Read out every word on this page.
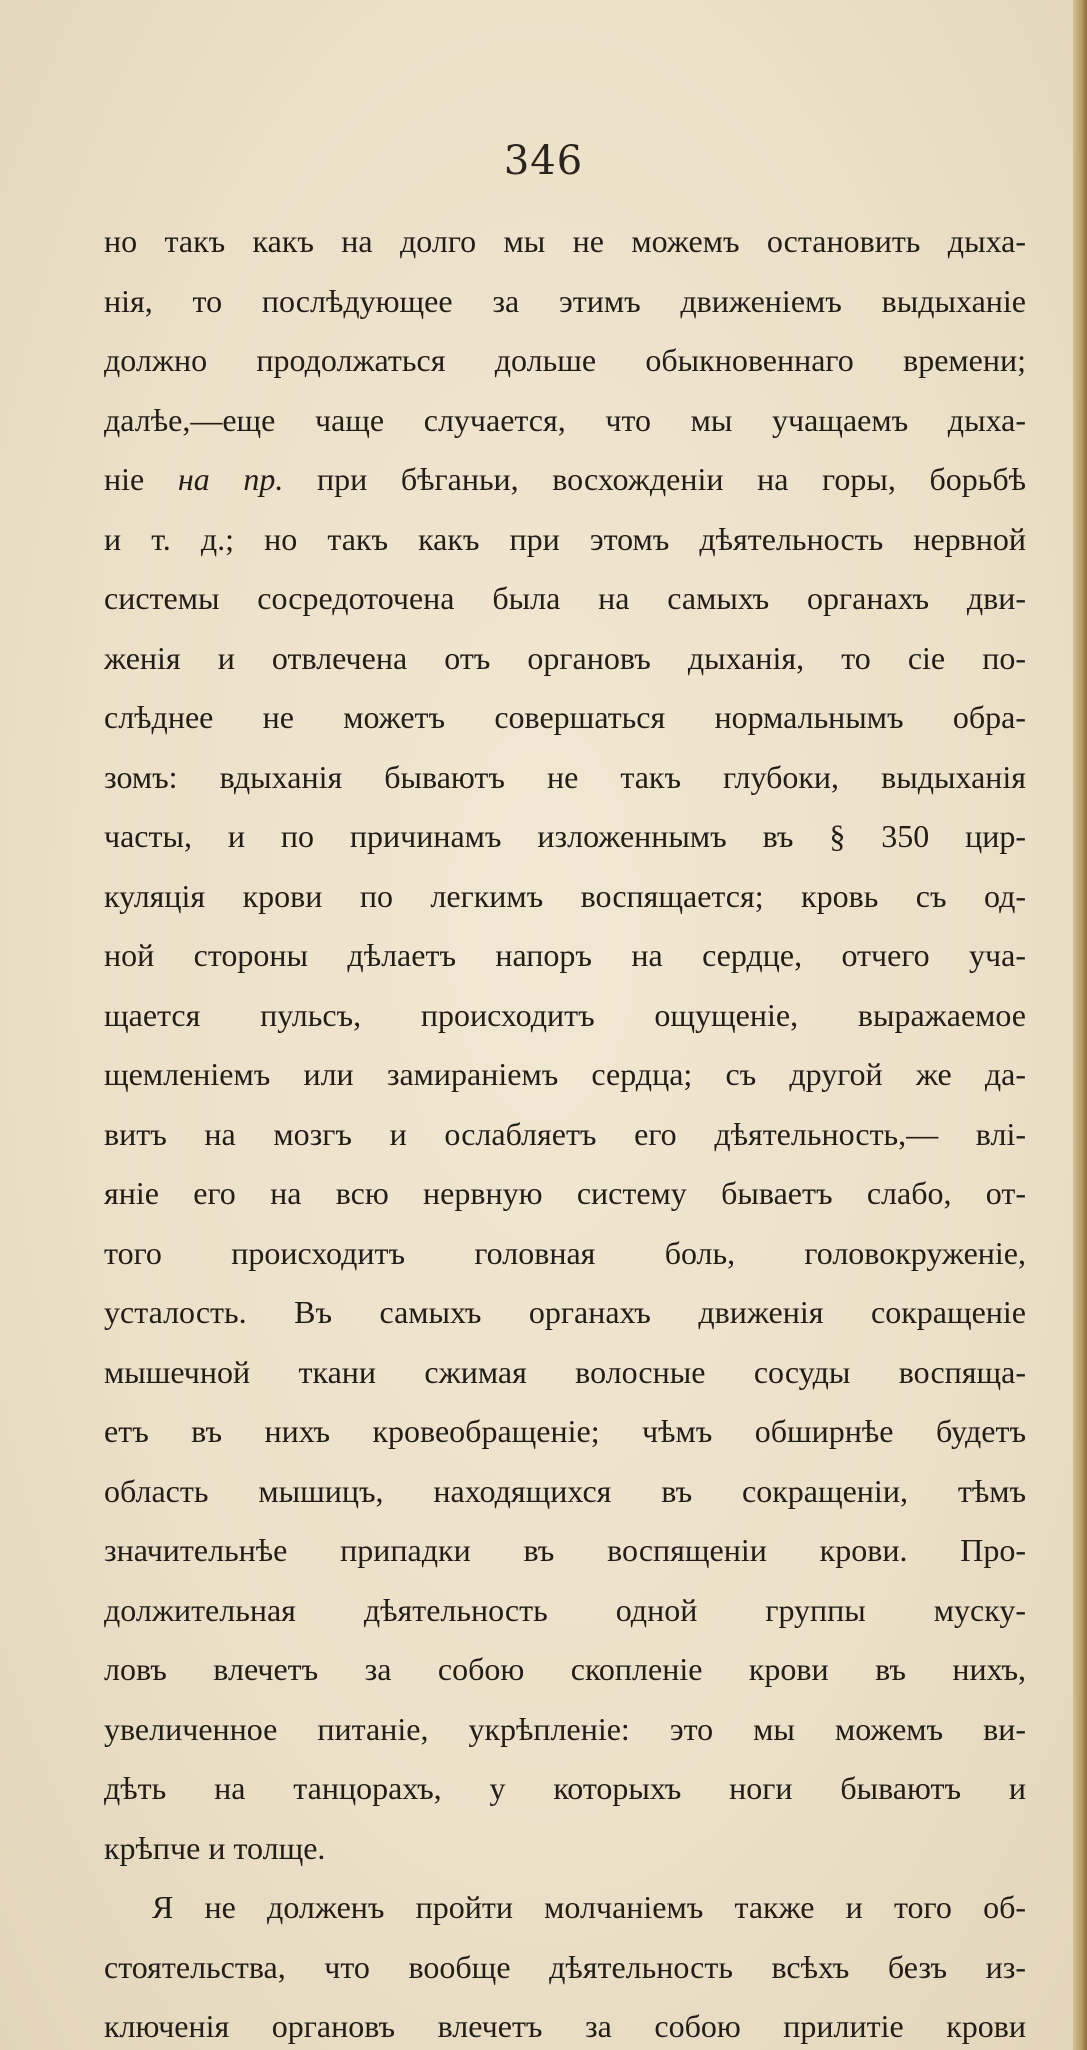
346
но такъ какъ на долго мы не можемъ остановить дыха-
нія, то послѣдующее за этимъ движеніемъ выдыханіе
должно продолжаться дольше обыкновеннаго времени;
далѣе,—еще чаще случается, что мы учащаемъ дыха-
ніе на пр. при бѣганьи, восхожденіи на горы, борьбѣ
и т. д.; но такъ какъ при этомъ дѣятельность нервной
системы сосредоточена была на самыхъ органахъ дви-
женія и отвлечена отъ органовъ дыханія, то сіе по-
слѣднее не можетъ совершаться нормальнымъ обра-
зомъ: вдыханія бываютъ не такъ глубоки, выдыханія
часты, и по причинамъ изложеннымъ въ § 350 цир-
куляція крови по легкимъ воспящается; кровь съ од-
ной стороны дѣлаетъ напоръ на сердце, отчего уча-
щается пульсъ, происходитъ ощущеніе, выражаемое
щемленіемъ или замираніемъ сердца; съ другой же да-
витъ на мозгъ и ослабляетъ его дѣятельность,— влі-
яніе его на всю нервную систему бываетъ слабо, от-
того происходитъ головная боль, головокруженіе,
усталость. Въ самыхъ органахъ движенія сокращеніе
мышечной ткани сжимая волосные сосуды воспяща-
етъ въ нихъ кровеобращеніе; чѣмъ обширнѣе будетъ
область мышицъ, находящихся въ сокращеніи, тѣмъ
значительнѣе припадки въ воспященіи крови. Про-
должительная дѣятельность одной группы муску-
ловъ влечетъ за собою скопленіе крови въ нихъ,
увеличенное питаніе, укрѣпленіе: это мы можемъ ви-
дѣть на танцорахъ, у которыхъ ноги бываютъ и
крѣпче и толще.
Я не долженъ пройти молчаніемъ также и того об-
стоятельства, что вообще дѣятельность всѣхъ безъ из-
ключенія органовъ влечетъ за собою прилитіе крови
